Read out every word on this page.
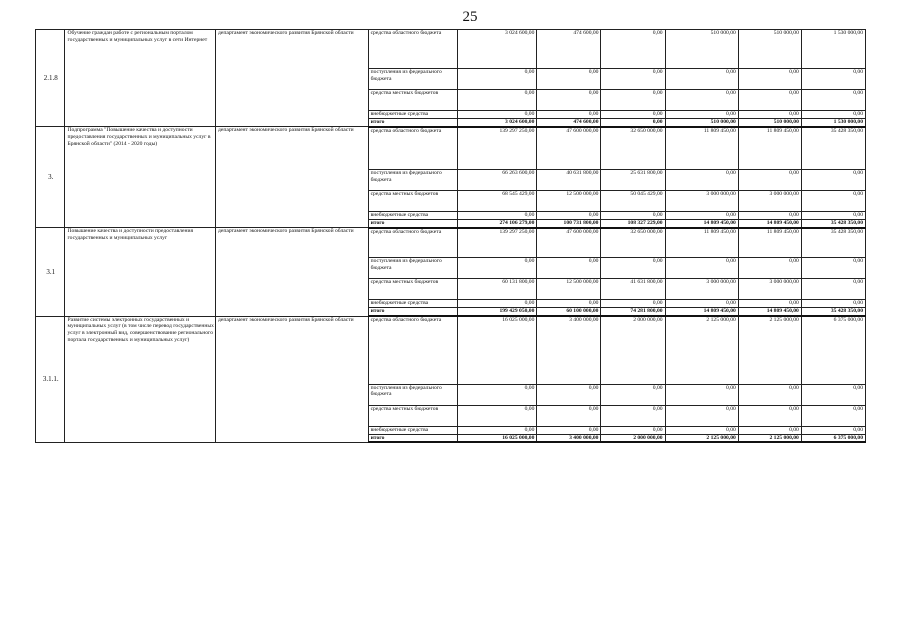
25
2.1.8	Обучение граждан работе с региональным порталом государственных и муниципальных услуг в сети Интернет	департамент экономического развития Брянской области	средства областного бюджета	3 024 600,00	474 600,00	0,00	510 000,00	510 000,00	1 530 000,00
			поступления из федерального бюджета	0,00	0,00	0,00	0,00	0,00	0,00
			средства местных бюджетов	0,00	0,00	0,00	0,00	0,00	0,00
			внебюджетные средства	0,00	0,00	0,00	0,00	0,00	0,00
			итого	3 024 600,00	474 600,00	0,00	510 000,00	510 000,00	1 530 000,00
3.	Подпрограмма "Повышение качества и доступности предоставления государственных и муниципальных услуг в Брянской области" (2014 - 2020 годы)	департамент экономического развития Брянской области	средства областного бюджета	139 297 250,00	47 600 000,00	32 650 000,00	11 809 450,00	11 809 450,00	35 428 350,00
			поступления из федерального бюджета	66 263 600,00	40 631 800,00	25 631 800,00	0,00	0,00	0,00
			средства местных бюджетов	68 545 429,00	12 500 000,00	50 045 429,00	3 000 000,00	3 000 000,00	0,00
			внебюджетные средства	0,00	0,00	0,00	0,00	0,00	0,00
			итого	274 106 279,00	100 731 800,00	108 327 229,00	14 809 450,00	14 809 450,00	35 428 350,00
3.1	Повышение качества и доступности предоставления государственных и муниципальных услуг	департамент экономического развития Брянской области	средства областного бюджета	139 297 250,00	47 600 000,00	32 650 000,00	11 809 450,00	11 809 450,00	35 428 350,00
			поступления из федерального бюджета	0,00	0,00	0,00	0,00	0,00	0,00
			средства местных бюджетов	60 131 800,00	12 500 000,00	41 631 800,00	3 000 000,00	3 000 000,00	0,00
			внебюджетные средства	0,00	0,00	0,00	0,00	0,00	0,00
			итого	199 429 050,00	60 100 000,00	74 281 800,00	14 809 450,00	14 809 450,00	35 428 350,00
3.1.1.	Развитие системы электронных государственных и муниципальных услуг (в том числе перевод государственных услуг в электронный вид, совершенствование регионального портала государственных и муниципальных услуг)	департамент экономического развития Брянской области	средства областного бюджета	16 025 000,00	3 400 000,00	2 000 000,00	2 125 000,00	2 125 000,00	6 375 000,00
			поступления из федерального бюджета	0,00	0,00	0,00	0,00	0,00	0,00
			средства местных бюджетов	0,00	0,00	0,00	0,00	0,00	0,00
			внебюджетные средства	0,00	0,00	0,00	0,00	0,00	0,00
			итого	16 025 000,00	3 400 000,00	2 000 000,00	2 125 000,00	2 125 000,00	6 375 000,00
